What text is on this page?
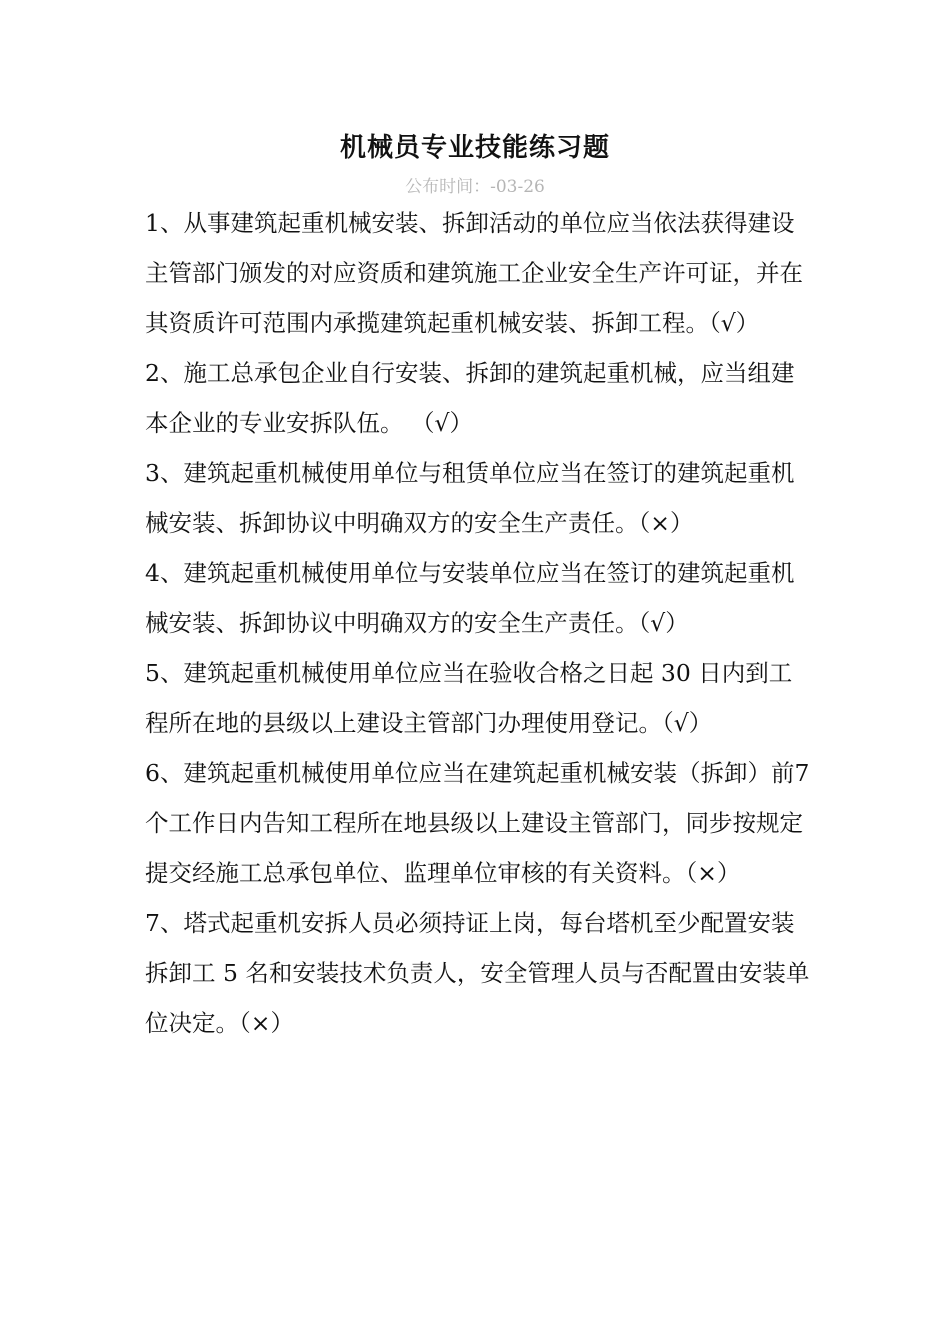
机械员专业技能练习题
公布时间：-03-26

1、从事建筑起重机械安装、拆卸活动的单位应当依法获得建设主管部门颁发的对应资质和建筑施工企业安全生产许可证，并在其资质许可范围内承揽建筑起重机械安装、拆卸工程。（√）

2、施工总承包企业自行安装、拆卸的建筑起重机械，应当组建本企业的专业安拆队伍。 （√）

3、建筑起重机械使用单位与租赁单位应当在签订的建筑起重机械安装、拆卸协议中明确双方的安全生产责任。（×）

4、建筑起重机械使用单位与安装单位应当在签订的建筑起重机械安装、拆卸协议中明确双方的安全生产责任。（√）

5、建筑起重机械使用单位应当在验收合格之日起 30 日内到工程所在地的县级以上建设主管部门办理使用登记。（√）

6、建筑起重机械使用单位应当在建筑起重机械安装（拆卸）前7 个工作日内告知工程所在地县级以上建设主管部门，同步按规定提交经施工总承包单位、监理单位审核的有关资料。（×）

7、塔式起重机安拆人员必须持证上岗，每台塔机至少配置安装拆卸工 5 名和安装技术负责人，安全管理人员与否配置由安装单位决定。（×）
